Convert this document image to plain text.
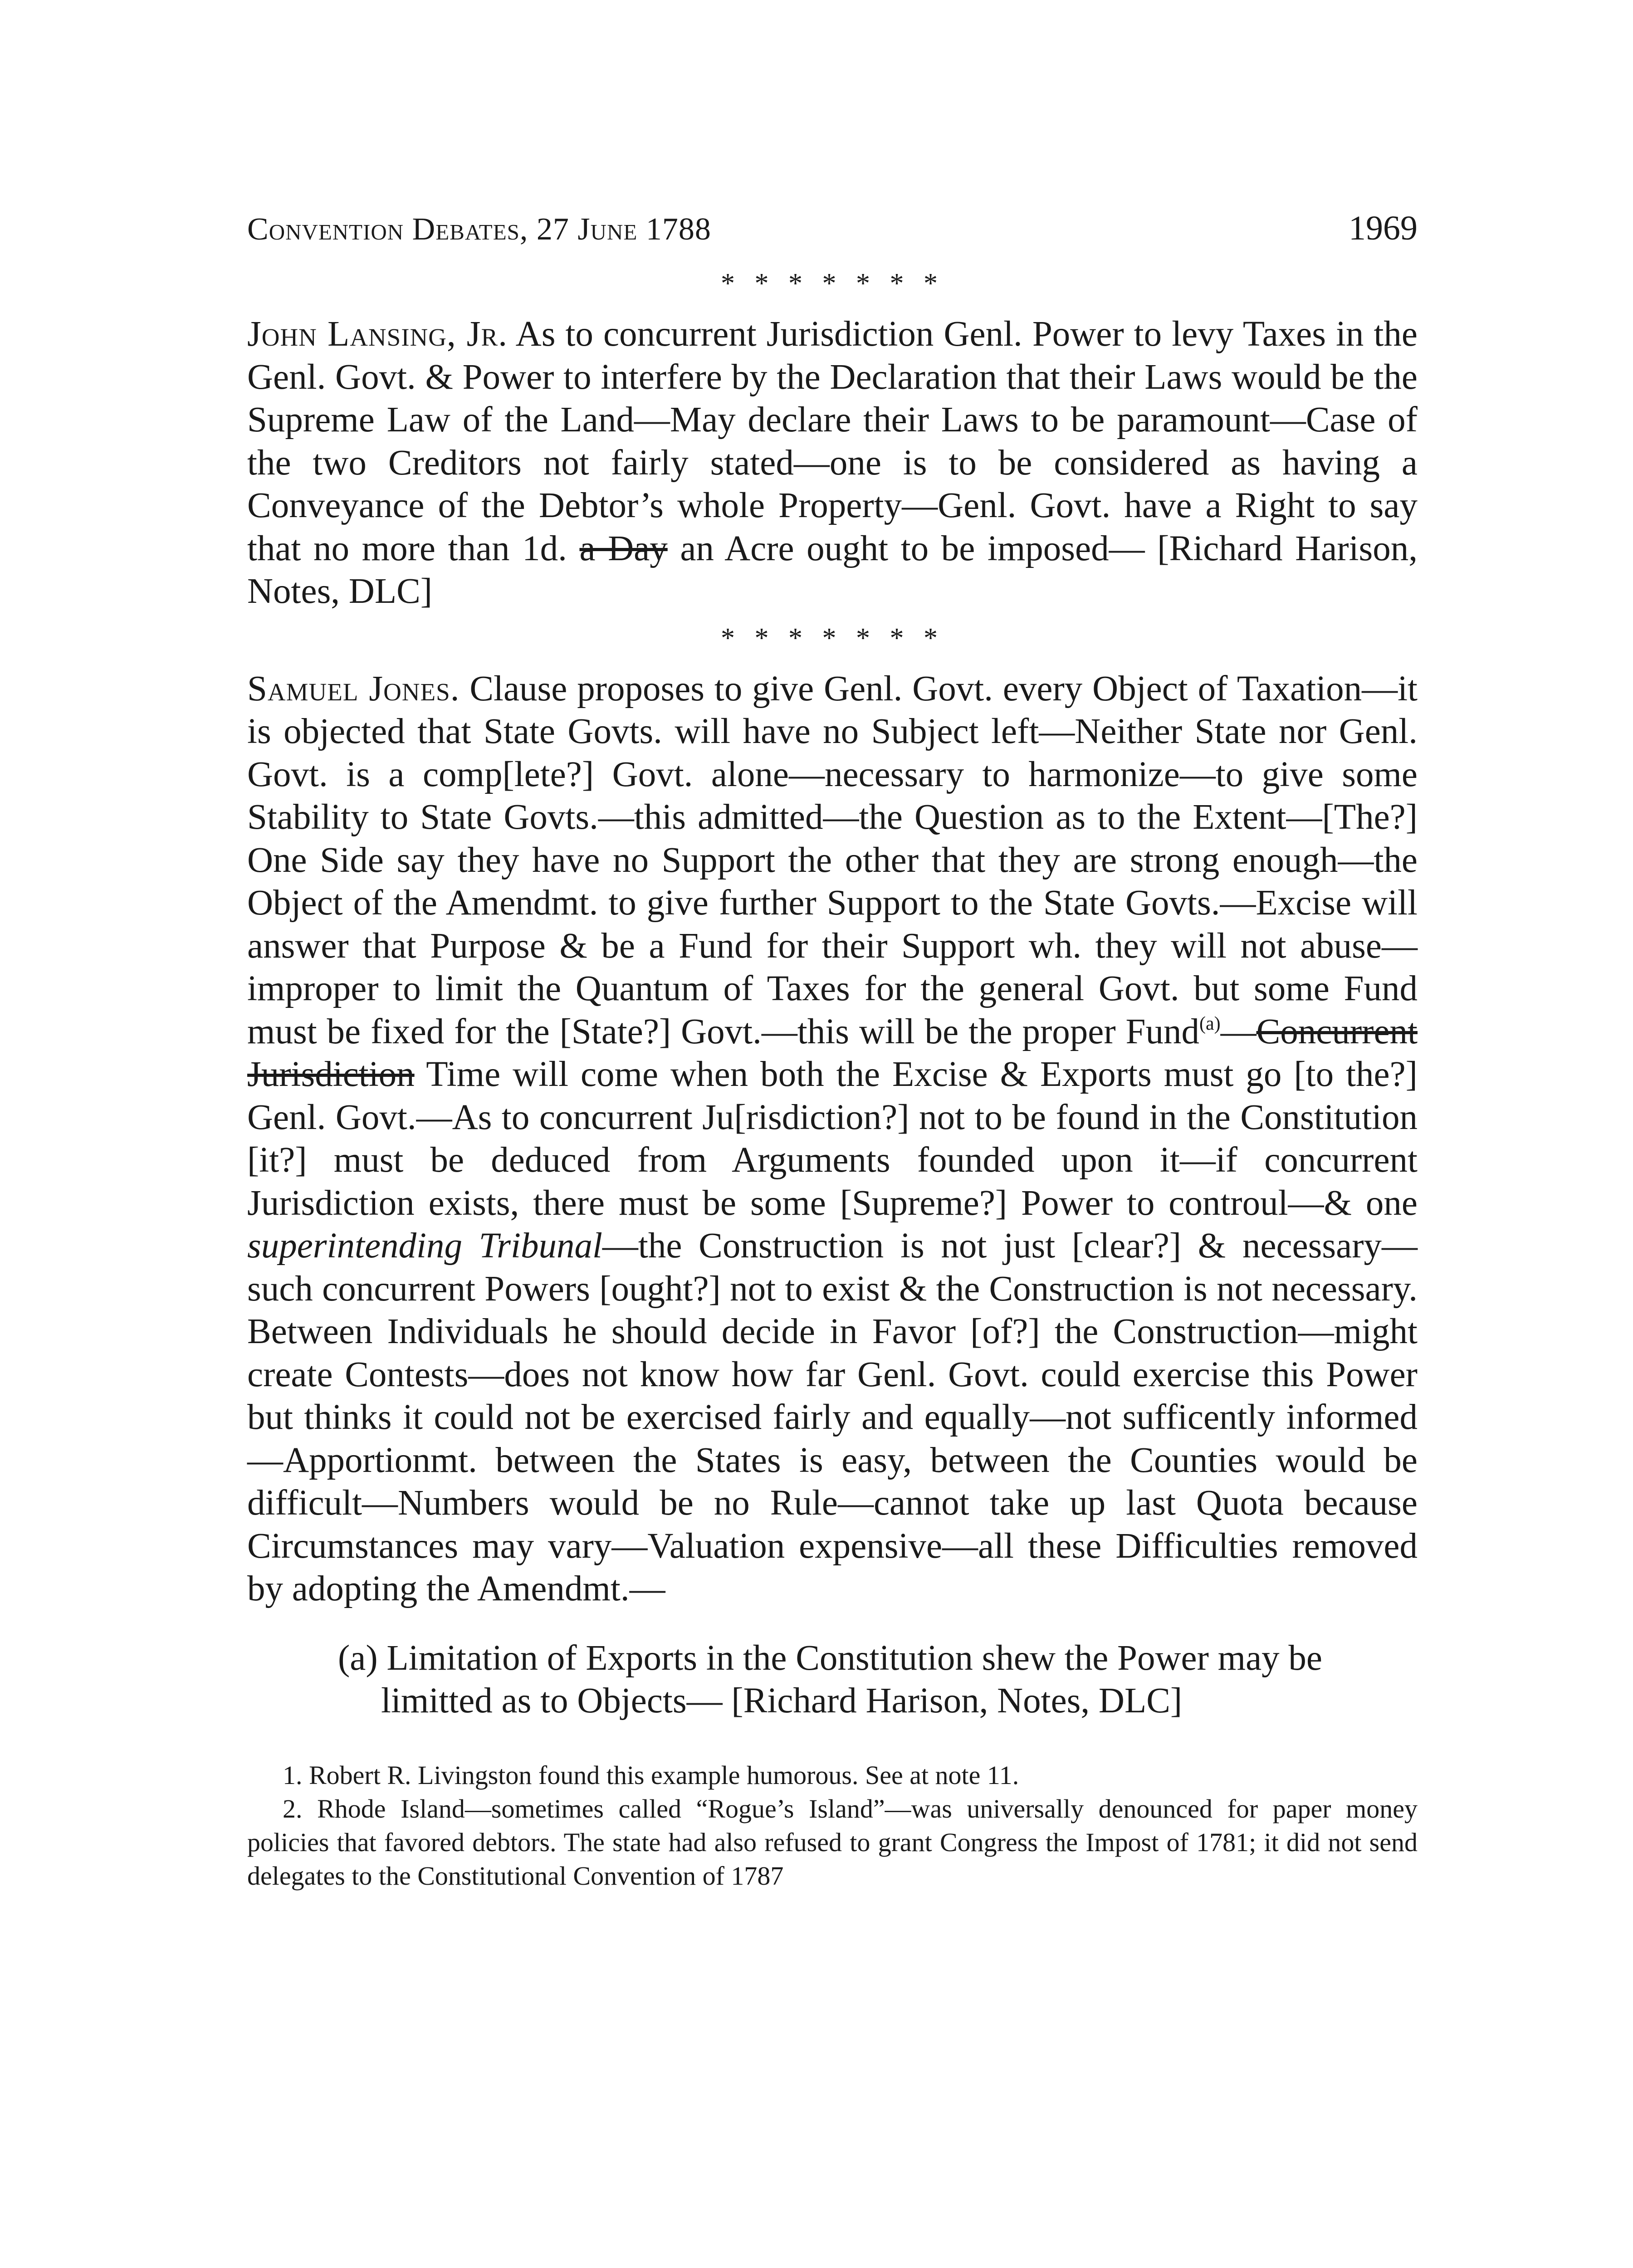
Convention Debates, 27 June 1788	1969
* * * * * * *

John Lansing, Jr. As to concurrent Jurisdiction Genl. Power to levy Taxes in the Genl. Govt. & Power to interfere by the Declaration that their Laws would be the Supreme Law of the Land—May declare their Laws to be paramount—Case of the two Creditors not fairly stated—one is to be considered as having a Conveyance of the Debtor’s whole Property—Genl. Govt. have a Right to say that no more than 1d. a Day an Acre ought to be imposed— [Richard Harison, Notes, DLC]

* * * * * * *

Samuel Jones. Clause proposes to give Genl. Govt. every Object of Taxation—it is objected that State Govts. will have no Subject left—Neither State nor Genl. Govt. is a comp[lete?] Govt. alone—necessary to harmonize—to give some Stability to State Govts.—this admitted—the Question as to the Extent—[The?] One Side say they have no Support the other that they are strong enough—the Object of the Amendmt. to give further Support to the State Govts.—Excise will answer that Purpose & be a Fund for their Support wh. they will not abuse—improper to limit the Quantum of Taxes for the general Govt. but some Fund must be fixed for the [State?] Govt.—this will be the proper Fund$^{(a)}$—Concurrent Jurisdiction Time will come when both the Excise & Exports must go [to the?] Genl. Govt.—As to concurrent Ju[risdiction?] not to be found in the Constitution [it?] must be deduced from Arguments founded upon it—if concurrent Jurisdiction exists, there must be some [Supreme?] Power to controul—& one superintending Tribunal—the Construction is not just [clear?] & necessary—such concurrent Powers [ought?] not to exist & the Construction is not necessary. Between Individuals he should decide in Favor [of?] the Construction—might create Contests—does not know how far Genl. Govt. could exercise this Power but thinks it could not be exercised fairly and equally—not sufficently informed—Apportionmt. between the States is easy, between the Counties would be difficult—Numbers would be no Rule—cannot take up last Quota because Circumstances may vary—Valuation expensive—all these Difficulties removed by adopting the Amendmt.—

(a) Limitation of Exports in the Constitution shew the Power may be limitted as to Objects— [Richard Harison, Notes, DLC]

1. Robert R. Livingston found this example humorous. See at note 11.

2. Rhode Island—sometimes called “Rogue’s Island”—was universally denounced for paper money policies that favored debtors. The state had also refused to grant Congress the Impost of 1781; it did not send delegates to the Constitutional Convention of 1787
